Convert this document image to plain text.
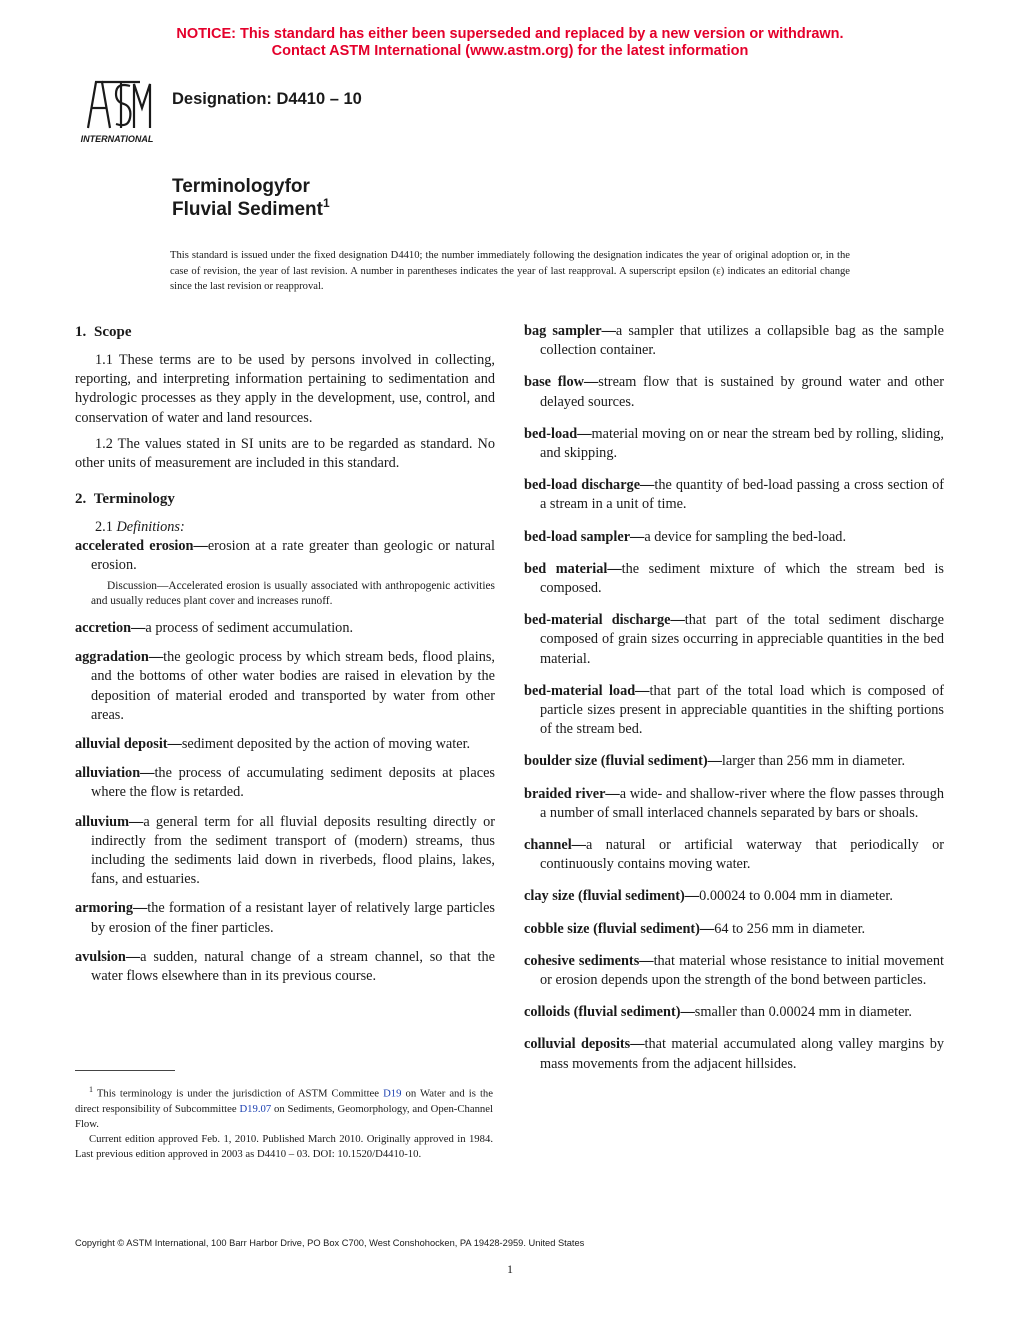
NOTICE: This standard has either been superseded and replaced by a new version or withdrawn.
Contact ASTM International (www.astm.org) for the latest information
INTERNATIONAL
Designation: D4410 – 10
Terminologyfor
Fluvial Sediment$^1$
This standard is issued under the fixed designation D4410; the number immediately following the designation indicates the year of original adoption or, in the case of revision, the year of last revision. A number in parentheses indicates the year of last reapproval. A superscript epsilon (ε) indicates an editorial change since the last revision or reapproval.
1. Scope

1.1 These terms are to be used by persons involved in collecting, reporting, and interpreting information pertaining to sedimentation and hydrologic processes as they apply in the development, use, control, and conservation of water and land resources.

1.2 The values stated in SI units are to be regarded as standard. No other units of measurement are included in this standard.

2. Terminology

2.1 Definitions:

accelerated erosion—erosion at a rate greater than geologic or natural erosion.

Discussion—Accelerated erosion is usually associated with anthropogenic activities and usually reduces plant cover and increases runoff.

accretion—a process of sediment accumulation.

aggradation—the geologic process by which stream beds, flood plains, and the bottoms of other water bodies are raised in elevation by the deposition of material eroded and transported by water from other areas.

alluvial deposit—sediment deposited by the action of moving water.

alluviation—the process of accumulating sediment deposits at places where the flow is retarded.

alluvium—a general term for all fluvial deposits resulting directly or indirectly from the sediment transport of (modern) streams, thus including the sediments laid down in riverbeds, flood plains, lakes, fans, and estuaries.

armoring—the formation of a resistant layer of relatively large particles by erosion of the finer particles.

avulsion—a sudden, natural change of a stream channel, so that the water flows elsewhere than in its previous course.

bag sampler—a sampler that utilizes a collapsible bag as the sample collection container.

base flow—stream flow that is sustained by ground water and other delayed sources.

bed-load—material moving on or near the stream bed by rolling, sliding, and skipping.

bed-load discharge—the quantity of bed-load passing a cross section of a stream in a unit of time.

bed-load sampler—a device for sampling the bed-load.

bed material—the sediment mixture of which the stream bed is composed.

bed-material discharge—that part of the total sediment discharge composed of grain sizes occurring in appreciable quantities in the bed material.

bed-material load—that part of the total load which is composed of particle sizes present in appreciable quantities in the shifting portions of the stream bed.

boulder size (fluvial sediment)—larger than 256 mm in diameter.

braided river—a wide- and shallow-river where the flow passes through a number of small interlaced channels separated by bars or shoals.

channel—a natural or artificial waterway that periodically or continuously contains moving water.

clay size (fluvial sediment)—0.00024 to 0.004 mm in diameter.

cobble size (fluvial sediment)—64 to 256 mm in diameter.

cohesive sediments—that material whose resistance to initial movement or erosion depends upon the strength of the bond between particles.

colloids (fluvial sediment)—smaller than 0.00024 mm in diameter.

colluvial deposits—that material accumulated along valley margins by mass movements from the adjacent hillsides.

$^1$ This terminology is under the jurisdiction of ASTM Committee D19 on Water and is the direct responsibility of Subcommittee D19.07 on Sediments, Geomorphology, and Open-Channel Flow.

Current edition approved Feb. 1, 2010. Published March 2010. Originally approved in 1984. Last previous edition approved in 2003 as D4410 – 03. DOI: 10.1520/D4410-10.

Copyright © ASTM International, 100 Barr Harbor Drive, PO Box C700, West Conshohocken, PA 19428-2959. United States
1
